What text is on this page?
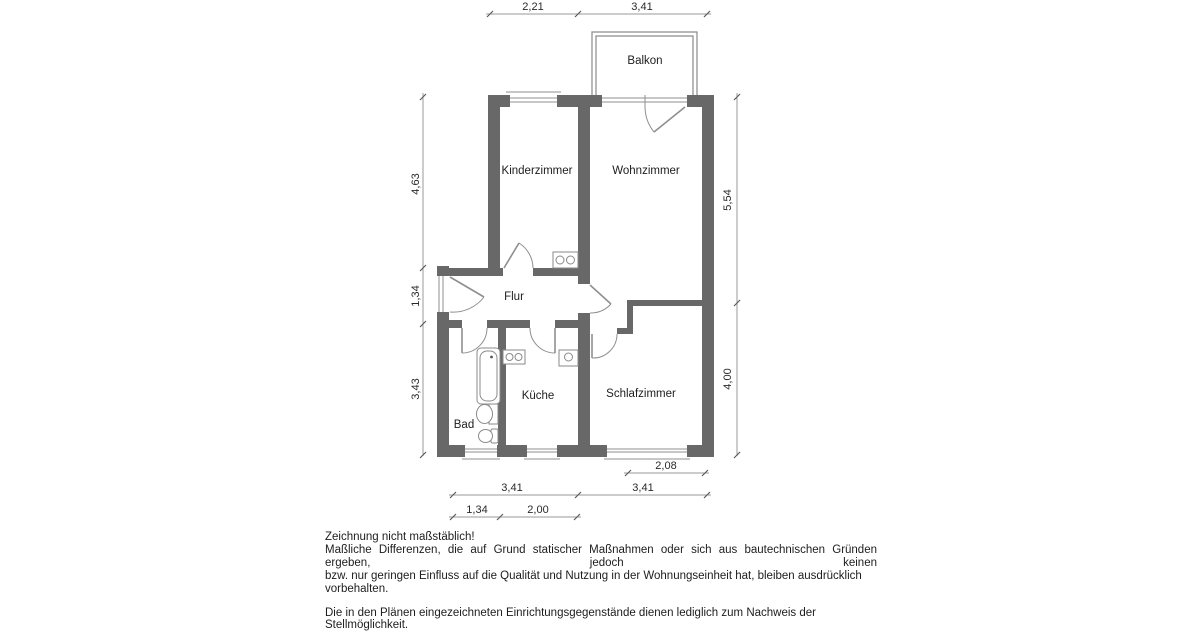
Balkon
Kinderzimmer	Wohnzimmer
Flur
Küche
Bad
Schlafzimmer
2,21	3,41
4,63
1,34
3,43
5,54
4,00
2,08
3,41	3,41
1,34	2,00
Zeichnung nicht maßstäblich!
Maßliche Differenzen, die auf Grund statischer Maßnahmen oder sich aus bautechnischen Gründen ergeben, jedoch keinen
bzw. nur geringen Einfluss auf die Qualität und Nutzung in der Wohnungseinheit hat, bleiben ausdrücklich vorbehalten.
Die in den Plänen eingezeichneten Einrichtungsgegenstände dienen lediglich zum Nachweis der Stellmöglichkeit.
